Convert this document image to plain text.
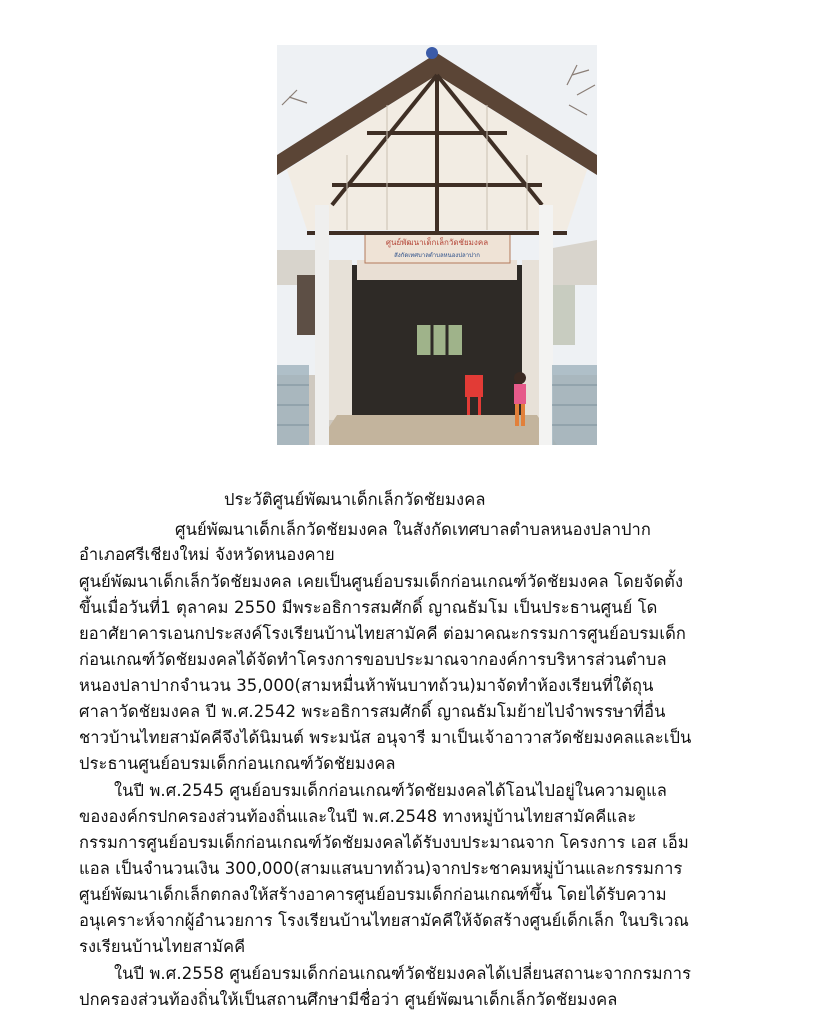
ศูนย์พัฒนาเด็กเล็กวัดชัยมงคล
สังกัดเทศบาลตำบลหนองปลาปาก
ประวัติศูนย์พัฒนาเด็กเล็กวัดชัยมงคล
ศูนย์พัฒนาเด็กเล็กวัดชัยมงคล ในสังกัดเทศบาลตำบลหนองปลาปาก
อำเภอศรีเชียงใหม่ จังหวัดหนองคาย
ศูนย์พัฒนาเด็กเล็กวัดชัยมงคล เคยเป็นศูนย์อบรมเด็กก่อนเกณฑ์วัดชัยมงคล โดยจัดตั้ง
ขึ้นเมื่อวันที่1 ตุลาคม 2550 มีพระอธิการสมศักดิ์ ญาณธัมโม เป็นประธานศูนย์ โด
ยอาศัยาคารเอนกประสงค์โรงเรียนบ้านไทยสามัคคี ต่อมาคณะกรรมการศูนย์อบรมเด็ก
ก่อนเกณฑ์วัดชัยมงคลได้จัดทำโครงการขอบประมาณจากองค์การบริหารส่วนตำบล
หนองปลาปากจำนวน 35,000(สามหมื่นห้าพันบาทถ้วน)มาจัดทำห้องเรียนที่ใต้ถุน
ศาลาวัดชัยมงคล ปี พ.ศ.2542 พระอธิการสมศักดิ์ ญาณธัมโมย้ายไปจำพรรษาที่อื่น
ชาวบ้านไทยสามัคคีจึงได้นิมนต์ พระมนัส อนุจารี มาเป็นเจ้าอาวาสวัดชัยมงคลและเป็น
ประธานศูนย์อบรมเด็กก่อนเกณฑ์วัดชัยมงคล
ในปี พ.ศ.2545 ศูนย์อบรมเด็กก่อนเกณฑ์วัดชัยมงคลได้โอนไปอยู่ในความดูแล
ขององค์กรปกครองส่วนท้องถิ่นและในปี พ.ศ.2548 ทางหมู่บ้านไทยสามัคคีและ
กรรมการศูนย์อบรมเด็กก่อนเกณฑ์วัดชัยมงคลได้รับงบประมาณจาก โครงการ เอส เอ็ม
แอล เป็นจำนวนเงิน 300,000(สามแสนบาทถ้วน)จากประชาคมหมู่บ้านและกรรมการ
ศูนย์พัฒนาเด็กเล็กตกลงให้สร้างอาคารศูนย์อบรมเด็กก่อนเกณฑ์ขึ้น โดยได้รับความ
อนุเคราะห์จากผู้อำนวยการ โรงเรียนบ้านไทยสามัคคีให้จัดสร้างศูนย์เด็กเล็ก ในบริเวณ
รงเรียนบ้านไทยสามัคคี
ในปี พ.ศ.2558 ศูนย์อบรมเด็กก่อนเกณฑ์วัดชัยมงคลได้เปลี่ยนสถานะจากกรมการ
ปกครองส่วนท้องถิ่นให้เป็นสถานศึกษามีชื่อว่า ศูนย์พัฒนาเด็กเล็กวัดชัยมงคล
